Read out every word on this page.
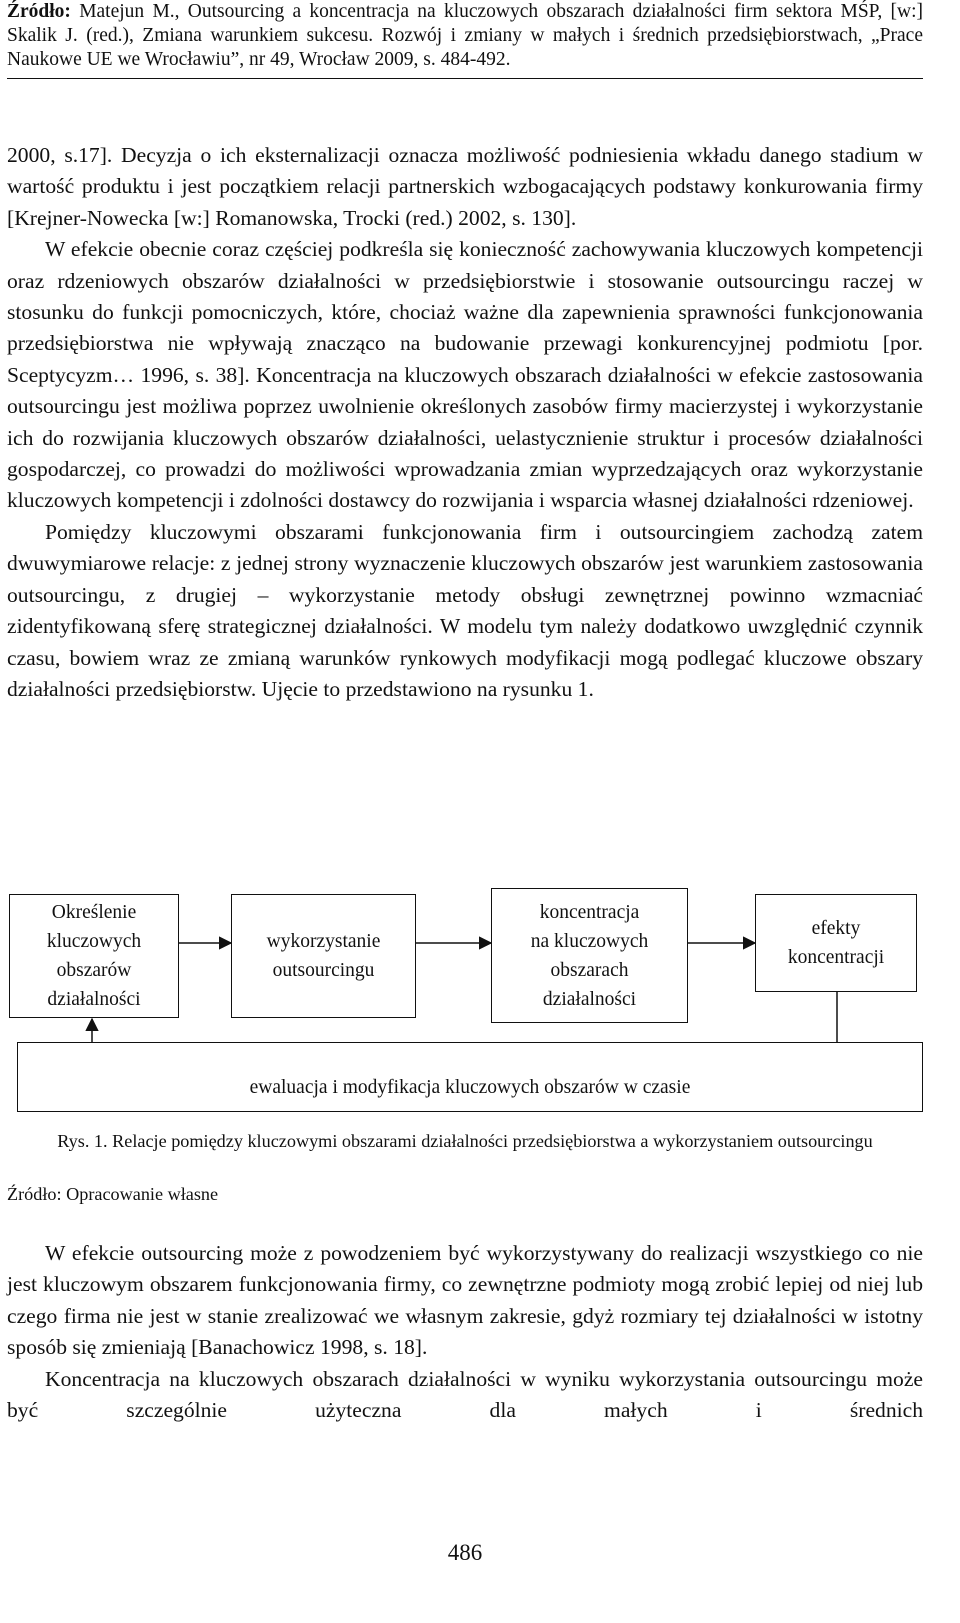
Źródło: Matejun M., Outsourcing a koncentracja na kluczowych obszarach działalności firm sektora MŚP, [w:] Skalik J. (red.), Zmiana warunkiem sukcesu. Rozwój i zmiany w małych i średnich przedsiębiorstwach, „Prace Naukowe UE we Wrocławiu”, nr 49, Wrocław 2009, s. 484-492.

2000, s.17]. Decyzja o ich eksternalizacji oznacza możliwość podniesienia wkładu danego stadium w wartość produktu i jest początkiem relacji partnerskich wzbogacających podstawy konkurowania firmy [Krejner-Nowecka [w:] Romanowska, Trocki (red.) 2002, s. 130].

W efekcie obecnie coraz częściej podkreśla się konieczność zachowywania kluczowych kompetencji oraz rdzeniowych obszarów działalności w przedsiębiorstwie i stosowanie outsourcingu raczej w stosunku do funkcji pomocniczych, które, chociaż ważne dla zapewnienia sprawności funkcjonowania przedsiębiorstwa nie wpływają znacząco na budowanie przewagi konkurencyjnej podmiotu [por. Sceptycyzm… 1996, s. 38]. Koncentracja na kluczowych obszarach działalności w efekcie zastosowania outsourcingu jest możliwa poprzez uwolnienie określonych zasobów firmy macierzystej i wykorzystanie ich do rozwijania kluczowych obszarów działalności, uelastycznienie struktur i procesów działalności gospodarczej, co prowadzi do możliwości wprowadzania zmian wyprzedzających oraz wykorzystanie kluczowych kompetencji i zdolności dostawcy do rozwijania i wsparcia własnej działalności rdzeniowej.

Pomiędzy kluczowymi obszarami funkcjonowania firm i outsourcingiem zachodzą zatem dwuwymiarowe relacje: z jednej strony wyznaczenie kluczowych obszarów jest warunkiem zastosowania outsourcingu, z drugiej – wykorzystanie metody obsługi zewnętrznej powinno wzmacniać zidentyfikowaną sferę strategicznej działalności. W modelu tym należy dodatkowo uwzględnić czynnik czasu, bowiem wraz ze zmianą warunków rynkowych modyfikacji mogą podlegać kluczowe obszary działalności przedsiębiorstw. Ujęcie to przedstawiono na rysunku 1.

Określenie
kluczowych
obszarów
działalności
wykorzystanie
outsourcingu
koncentracja
na kluczowych
obszarach
działalności
efekty
koncentracji
ewaluacja i modyfikacja kluczowych obszarów w czasie
Rys. 1. Relacje pomiędzy kluczowymi obszarami działalności przedsiębiorstwa a wykorzystaniem outsourcingu
Źródło: Opracowanie własne

W efekcie outsourcing może z powodzeniem być wykorzystywany do realizacji wszystkiego co nie jest kluczowym obszarem funkcjonowania firmy, co zewnętrzne podmioty mogą zrobić lepiej od niej lub czego firma nie jest w stanie zrealizować we własnym zakresie, gdyż rozmiary tej działalności w istotny sposób się zmieniają [Banachowicz 1998, s. 18].

Koncentracja na kluczowych obszarach działalności w wyniku wykorzystania outsourcingu może być szczególnie użyteczna dla małych i średnich

486
